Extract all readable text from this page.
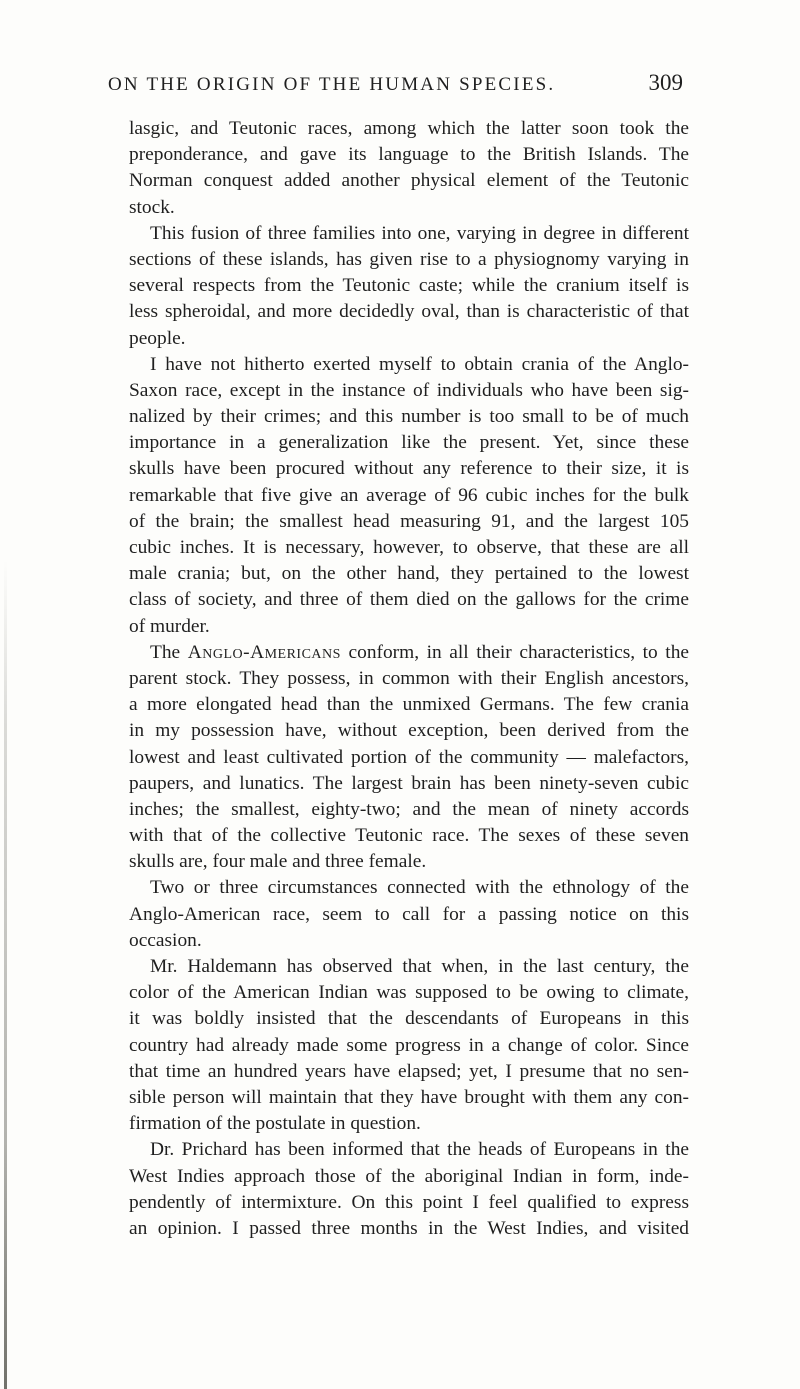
ON THE ORIGIN OF THE HUMAN SPECIES.	309
lasgic, and Teutonic races, among which the latter soon took the
preponderance, and gave its language to the British Islands. The
Norman conquest added another physical element of the Teutonic
stock.
This fusion of three families into one, varying in degree in different
sections of these islands, has given rise to a physiognomy varying in
several respects from the Teutonic caste; while the cranium itself is
less spheroidal, and more decidedly oval, than is characteristic of that
people.
I have not hitherto exerted myself to obtain crania of the Anglo-
Saxon race, except in the instance of individuals who have been sig-
nalized by their crimes; and this number is too small to be of much
importance in a generalization like the present. Yet, since these
skulls have been procured without any reference to their size, it is
remarkable that five give an average of 96 cubic inches for the bulk
of the brain; the smallest head measuring 91, and the largest 105
cubic inches. It is necessary, however, to observe, that these are all
male crania; but, on the other hand, they pertained to the lowest
class of society, and three of them died on the gallows for the crime
of murder.
The Anglo-Americans conform, in all their characteristics, to the
parent stock. They possess, in common with their English ancestors,
a more elongated head than the unmixed Germans. The few crania
in my possession have, without exception, been derived from the
lowest and least cultivated portion of the community — malefactors,
paupers, and lunatics. The largest brain has been ninety-seven cubic
inches; the smallest, eighty-two; and the mean of ninety accords
with that of the collective Teutonic race. The sexes of these seven
skulls are, four male and three female.
Two or three circumstances connected with the ethnology of the
Anglo-American race, seem to call for a passing notice on this
occasion.
Mr. Haldemann has observed that when, in the last century, the
color of the American Indian was supposed to be owing to climate,
it was boldly insisted that the descendants of Europeans in this
country had already made some progress in a change of color. Since
that time an hundred years have elapsed; yet, I presume that no sen-
sible person will maintain that they have brought with them any con-
firmation of the postulate in question.
Dr. Prichard has been informed that the heads of Europeans in the
West Indies approach those of the aboriginal Indian in form, inde-
pendently of intermixture. On this point I feel qualified to express
an opinion. I passed three months in the West Indies, and visited
